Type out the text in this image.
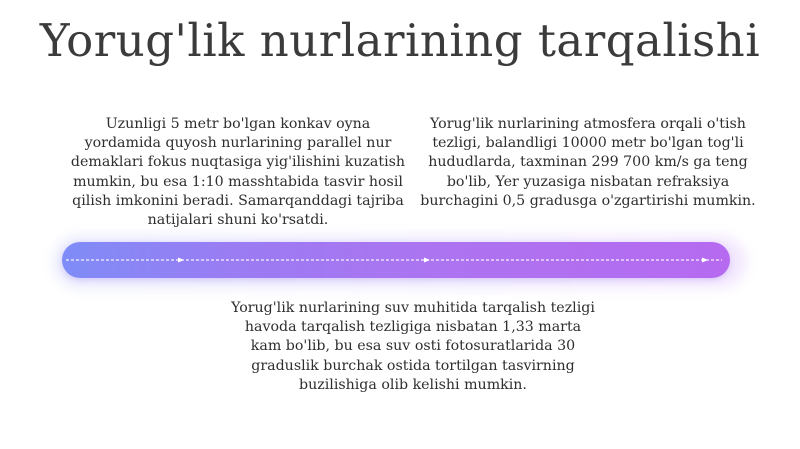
Yorug'lik nurlarining tarqalishi
Uzunligi 5 metr bo'lgan konkav oyna yordamida quyosh nurlarining parallel nur demaklari fokus nuqtasiga yig'ilishini kuzatish mumkin, bu esa 1:10 masshtabida tasvir hosil qilish imkonini beradi. Samarqanddagi tajriba natijalari shuni ko'rsatdi.
Yorug'lik nurlarining atmosfera orqali o'tish tezligi, balandligi 10000 metr bo'lgan tog'li hududlarda, taxminan 299 700 km/s ga teng bo'lib, Yer yuzasiga nisbatan refraksiya burchagini 0,5 gradusga o'zgartirishi mumkin.
Yorug'lik nurlarining suv muhitida tarqalish tezligi havoda tarqalish tezligiga nisbatan 1,33 marta kam bo'lib, bu esa suv osti fotosuratlarida 30 graduslik burchak ostida tortilgan tasvirning buzilishiga olib kelishi mumkin.
